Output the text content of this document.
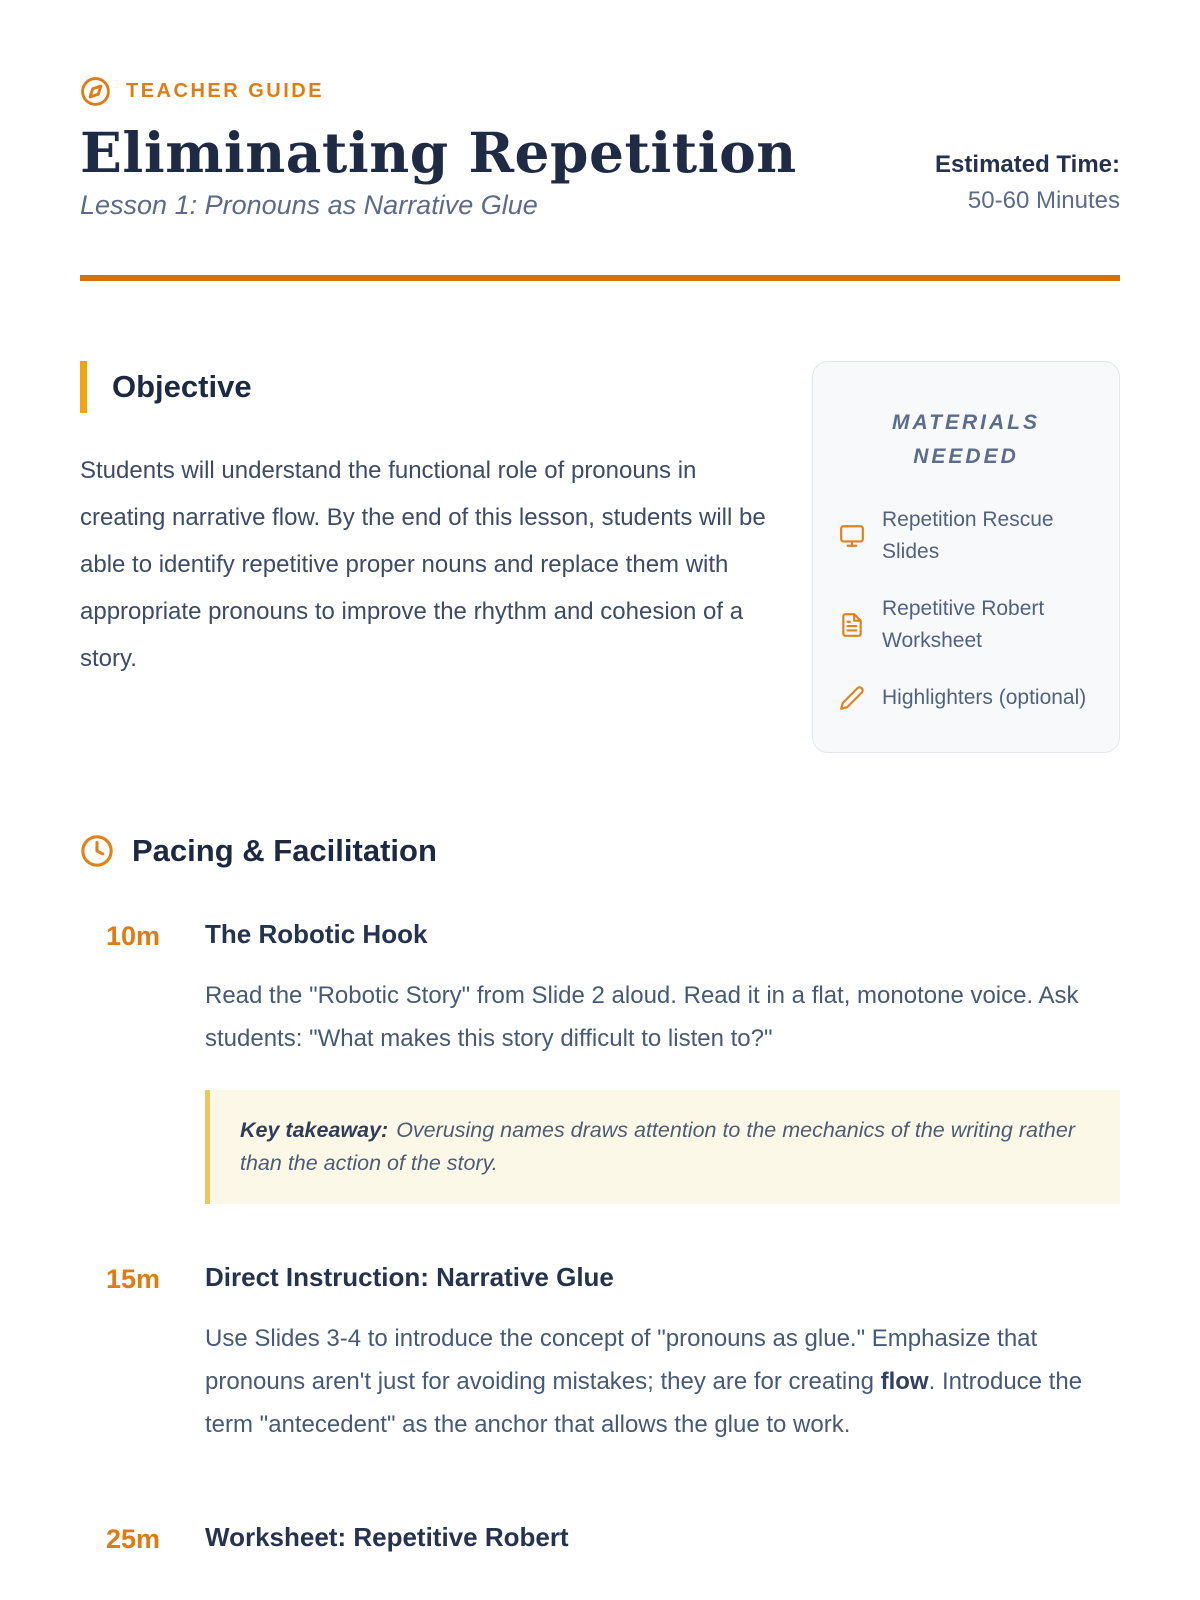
TEACHER GUIDE
Eliminating Repetition
Lesson 1: Pronouns as Narrative Glue
Estimated Time:
50-60 Minutes
Objective

Students will understand the functional role of pronouns in creating narrative flow. By the end of this lesson, students will be able to identify repetitive proper nouns and replace them with appropriate pronouns to improve the rhythm and cohesion of a story.

MATERIALS NEEDED
Repetition Rescue Slides
Repetitive Robert Worksheet
Highlighters (optional)
Pacing & Facilitation
10m The Robotic Hook

Read the "Robotic Story" from Slide 2 aloud. Read it in a flat, monotone voice. Ask students: "What makes this story difficult to listen to?"

Key takeaway: Overusing names draws attention to the mechanics of the writing rather than the action of the story.
15m Direct Instruction: Narrative Glue

Use Slides 3-4 to introduce the concept of "pronouns as glue." Emphasize that pronouns aren't just for avoiding mistakes; they are for creating flow. Introduce the term "antecedent" as the anchor that allows the glue to work.

25m Worksheet: Repetitive Robert
